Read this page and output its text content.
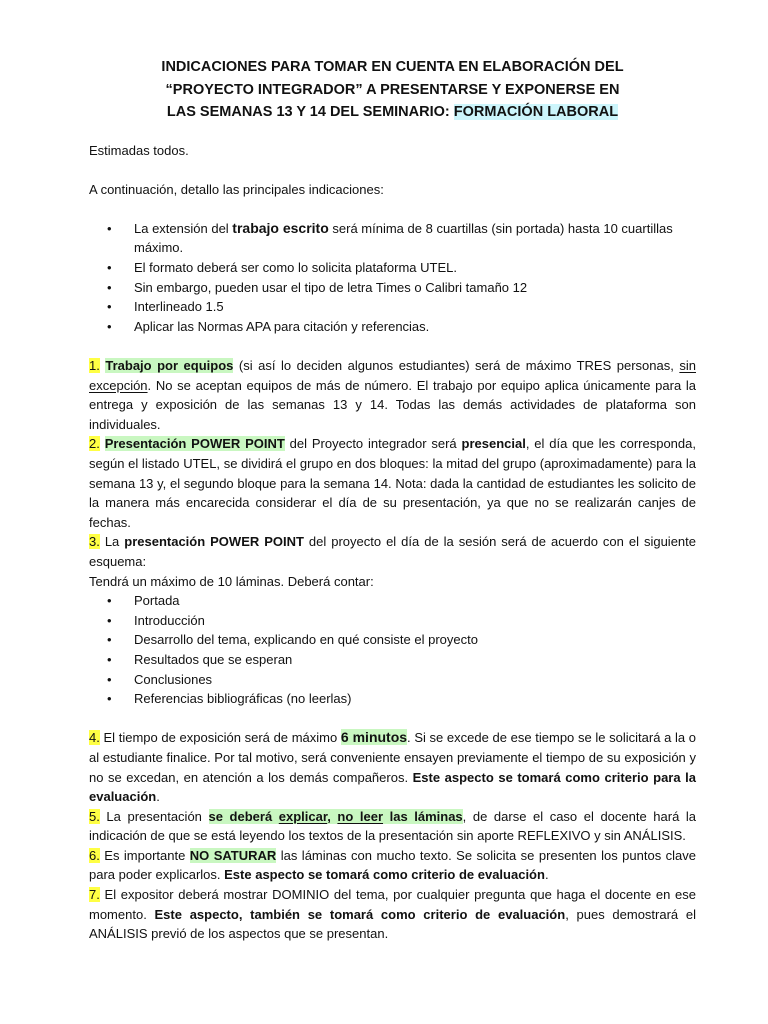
INDICACIONES PARA TOMAR EN CUENTA EN ELABORACIÓN DEL
“PROYECTO INTEGRADOR” A PRESENTARSE Y EXPONERSE EN
LAS SEMANAS 13 Y 14 DEL SEMINARIO: FORMACIÓN LABORAL

Estimadas todos.

A continuación, detallo las principales indicaciones:

• La extensión del trabajo escrito será mínima de 8 cuartillas (sin portada) hasta 10 cuartillas máximo.
• El formato deberá ser como lo solicita plataforma UTEL.
• Sin embargo, pueden usar el tipo de letra Times o Calibri tamaño 12
• Interlineado 1.5
• Aplicar las Normas APA para citación y referencias.

1. Trabajo por equipos (si así lo deciden algunos estudiantes) será de máximo TRES personas, sin excepción. No se aceptan equipos de más de número. El trabajo por equipo aplica únicamente para la entrega y exposición de las semanas 13 y 14. Todas las demás actividades de plataforma son individuales.

2. Presentación POWER POINT del Proyecto integrador será presencial, el día que les corresponda, según el listado UTEL, se dividirá el grupo en dos bloques: la mitad del grupo (aproximadamente) para la semana 13 y, el segundo bloque para la semana 14. Nota: dada la cantidad de estudiantes les solicito de la manera más encarecida considerar el día de su presentación, ya que no se realizarán canjes de fechas.

3. La presentación POWER POINT del proyecto el día de la sesión será de acuerdo con el siguiente esquema:

Tendrá un máximo de 10 láminas. Deberá contar:

• Portada
• Introducción
• Desarrollo del tema, explicando en qué consiste el proyecto
• Resultados que se esperan
• Conclusiones
• Referencias bibliográficas (no leerlas)

4. El tiempo de exposición será de máximo 6 minutos. Si se excede de ese tiempo se le solicitará a la o al estudiante finalice. Por tal motivo, será conveniente ensayen previamente el tiempo de su exposición y no se excedan, en atención a los demás compañeros. Este aspecto se tomará como criterio para la evaluación.

5. La presentación se deberá explicar, no leer las láminas, de darse el caso el docente hará la indicación de que se está leyendo los textos de la presentación sin aporte REFLEXIVO y sin ANÁLISIS.

6. Es importante NO SATURAR las láminas con mucho texto. Se solicita se presenten los puntos clave para poder explicarlos. Este aspecto se tomará como criterio de evaluación.

7. El expositor deberá mostrar DOMINIO del tema, por cualquier pregunta que haga el docente en ese momento. Este aspecto, también se tomará como criterio de evaluación, pues demostrará el ANÁLISIS previó de los aspectos que se presentan.
